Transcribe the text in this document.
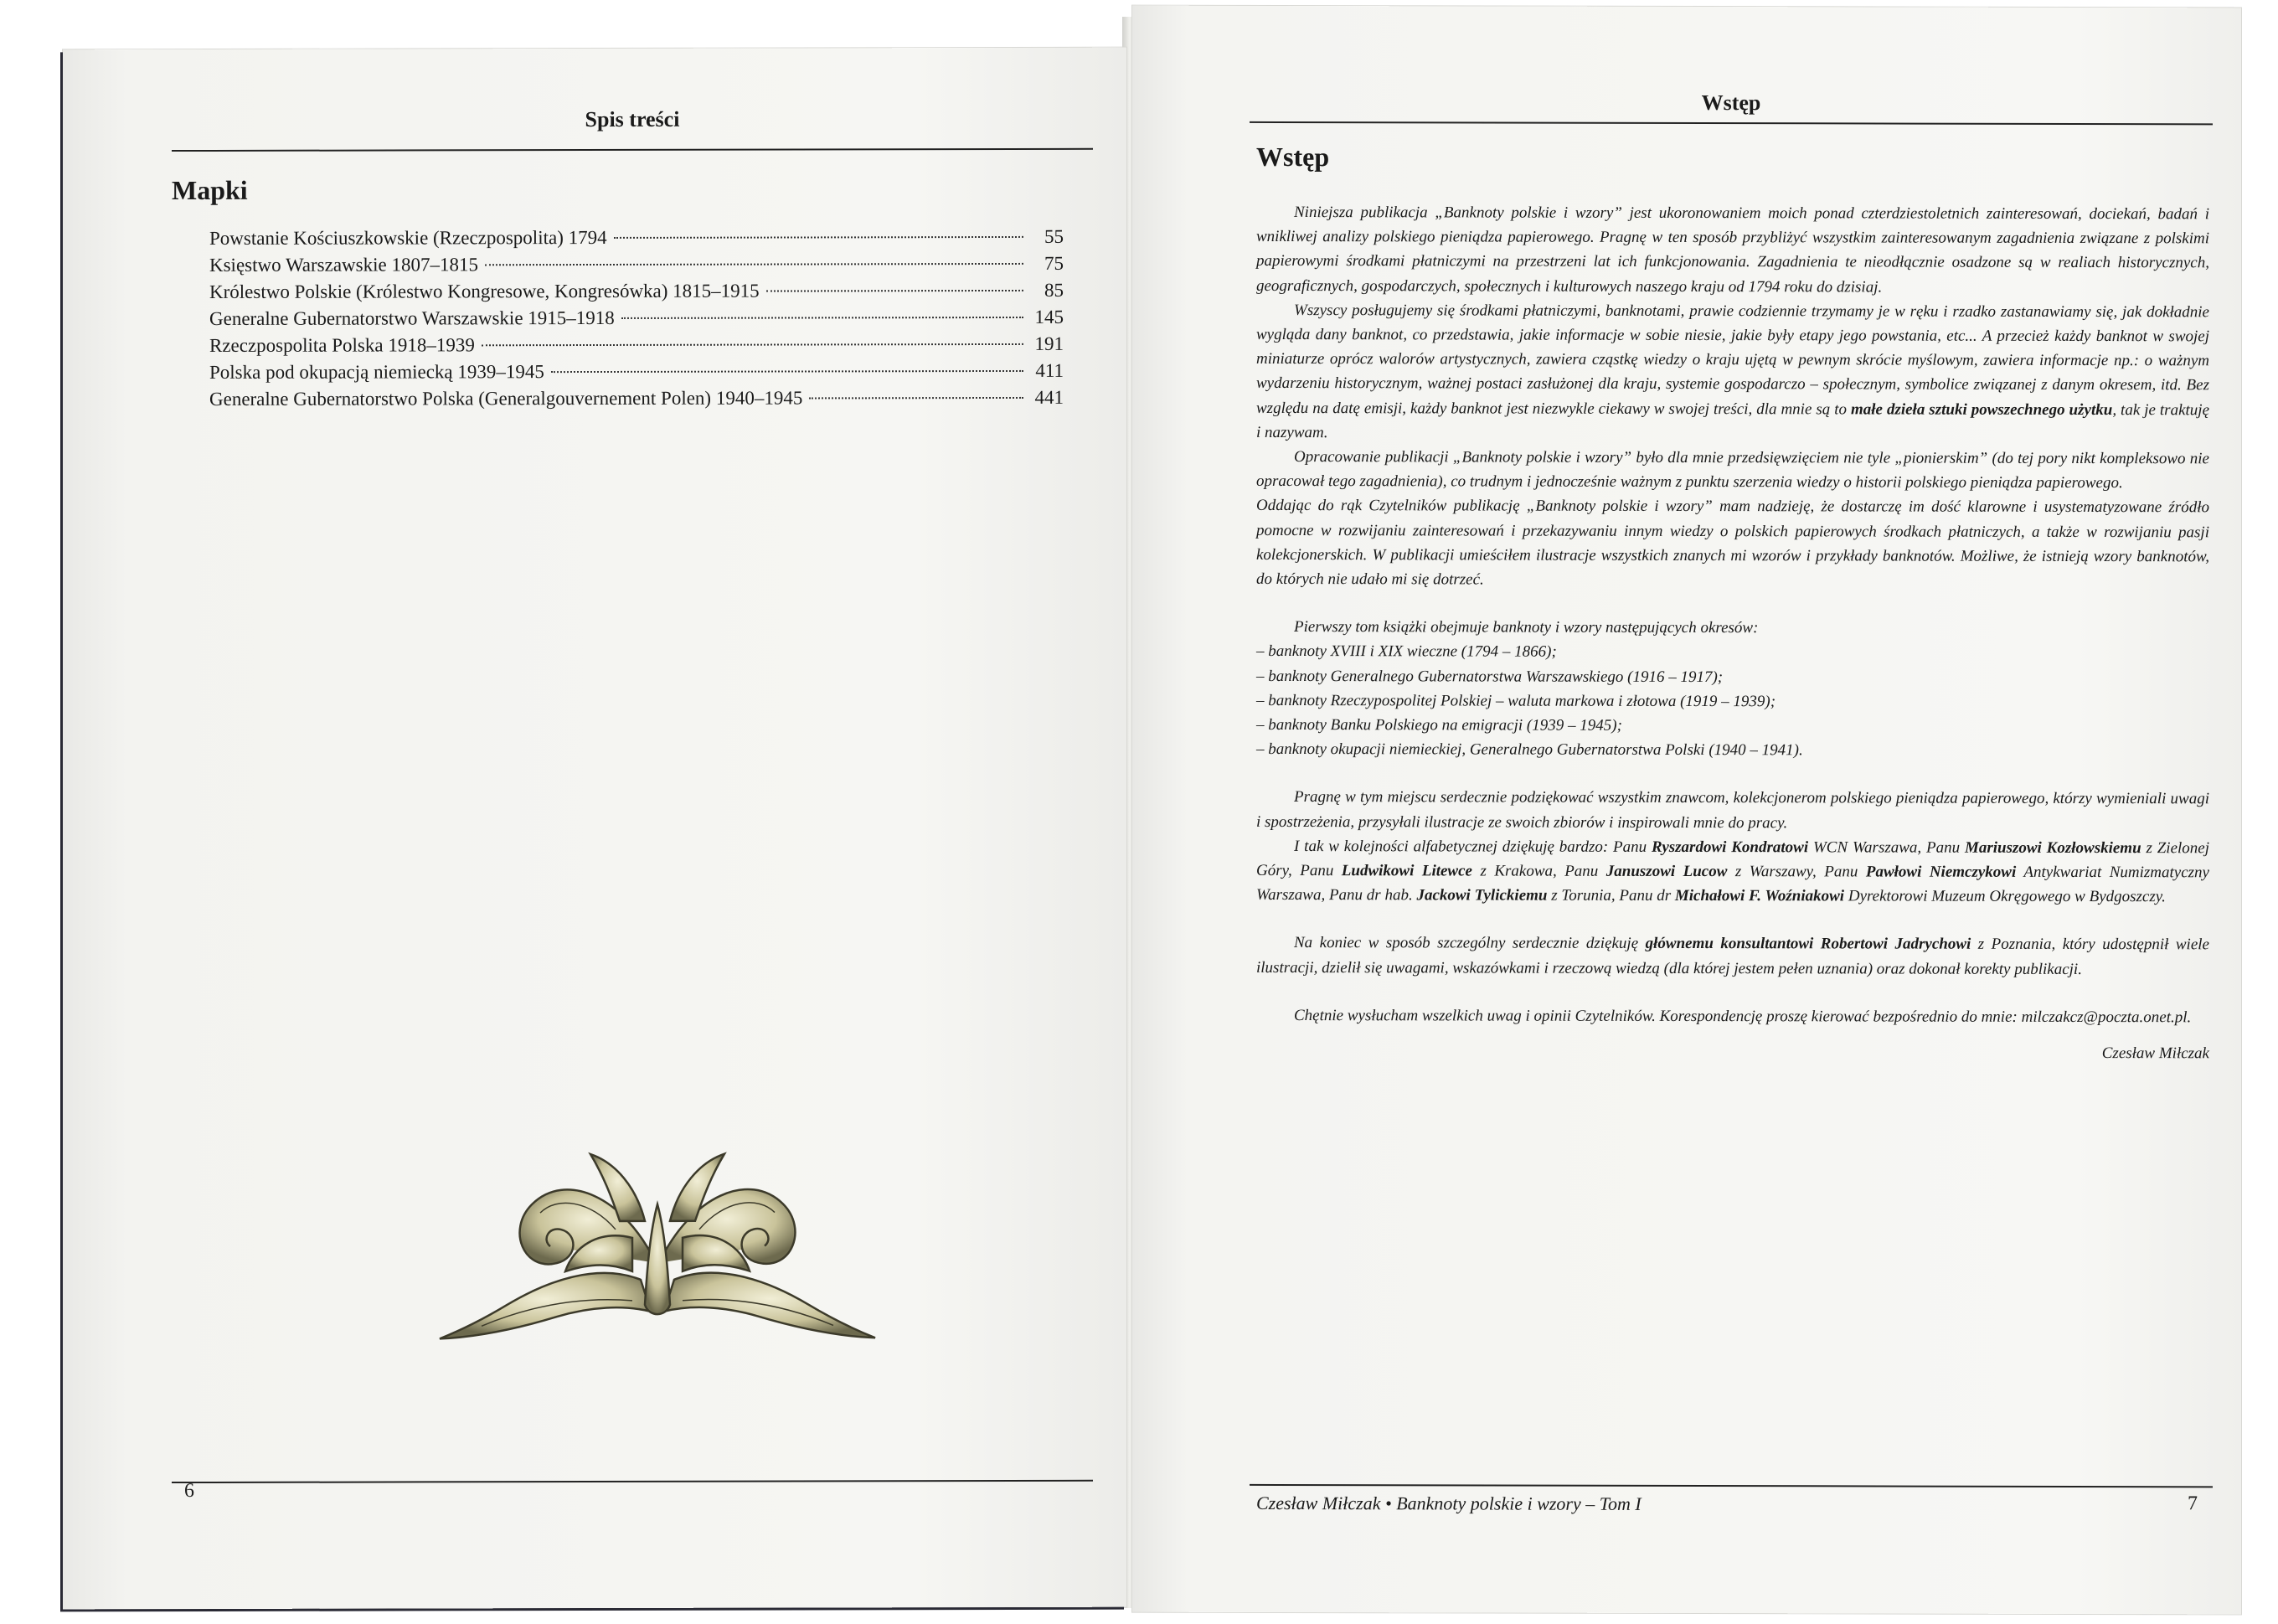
Spis treści
Mapki
Powstanie Kościuszkowskie (Rzeczpospolita) 1794	55
Księstwo Warszawskie 1807–1815	75
Królestwo Polskie (Królestwo Kongresowe, Kongresówka) 1815–1915	85
Generalne Gubernatorstwo Warszawskie 1915–1918	145
Rzeczpospolita Polska 1918–1939	191
Polska pod okupacją niemiecką 1939–1945	411
Generalne Gubernatorstwo Polska (Generalgouvernement Polen) 1940–1945	441
6
Wstęp
Wstęp

Niniejsza publikacja „Banknoty polskie i wzory” jest ukoronowaniem moich ponad czterdziestoletnich zainteresowań, dociekań, badań i wnikliwej analizy polskiego pieniądza papierowego. Pragnę w ten sposób przybliżyć wszystkim zainteresowanym zagadnienia związane z polskimi papierowymi środkami płatniczymi na przestrzeni lat ich funkcjonowania. Zagadnienia te nieodłącznie osadzone są w realiach historycznych, geograficznych, gospodarczych, społecznych i kulturowych naszego kraju od 1794 roku do dzisiaj.

Wszyscy posługujemy się środkami płatniczymi, banknotami, prawie codziennie trzymamy je w ręku i rzadko zastanawiamy się, jak dokładnie wygląda dany banknot, co przedstawia, jakie informacje w sobie niesie, jakie były etapy jego powstania, etc... A przecież każdy banknot w swojej miniaturze oprócz walorów artystycznych, zawiera cząstkę wiedzy o kraju ujętą w pewnym skrócie myślowym, zawiera informacje np.: o ważnym wydarzeniu historycznym, ważnej postaci zasłużonej dla kraju, systemie gospodarczo – społecznym, symbolice związanej z danym okresem, itd. Bez względu na datę emisji, każdy banknot jest niezwykle ciekawy w swojej treści, dla mnie są to małe dzieła sztuki powszechnego użytku, tak je traktuję i nazywam.

Opracowanie publikacji „Banknoty polskie i wzory” było dla mnie przedsięwzięciem nie tyle „pionierskim” (do tej pory nikt kompleksowo nie opracował tego zagadnienia), co trudnym i jednocześnie ważnym z punktu szerzenia wiedzy o historii polskiego pieniądza papierowego.

Oddając do rąk Czytelników publikację „Banknoty polskie i wzory” mam nadzieję, że dostarczę im dość klarowne i usystematyzowane źródło pomocne w rozwijaniu zainteresowań i przekazywaniu innym wiedzy o polskich papierowych środkach płatniczych, a także w rozwijaniu pasji kolekcjonerskich. W publikacji umieściłem ilustracje wszystkich znanych mi wzorów i przykłady banknotów. Możliwe, że istnieją wzory banknotów, do których nie udało mi się dotrzeć.

Pierwszy tom książki obejmuje banknoty i wzory następujących okresów:

– banknoty XVIII i XIX wieczne (1794 – 1866);
– banknoty Generalnego Gubernatorstwa Warszawskiego (1916 – 1917);
– banknoty Rzeczypospolitej Polskiej – waluta markowa i złotowa (1919 – 1939);
– banknoty Banku Polskiego na emigracji (1939 – 1945);
– banknoty okupacji niemieckiej, Generalnego Gubernatorstwa Polski (1940 – 1941).

Pragnę w tym miejscu serdecznie podziękować wszystkim znawcom, kolekcjonerom polskiego pieniądza papierowego, którzy wymieniali uwagi i spostrzeżenia, przysyłali ilustracje ze swoich zbiorów i inspirowali mnie do pracy.

I tak w kolejności alfabetycznej dziękuję bardzo: Panu Ryszardowi Kondratowi WCN Warszawa, Panu Mariuszowi Kozłowskiemu z Zielonej Góry, Panu Ludwikowi Litewce z Krakowa, Panu Januszowi Lucow z Warszawy, Panu Pawłowi Niemczykowi Antykwariat Numizmatyczny Warszawa, Panu dr hab. Jackowi Tylickiemu z Torunia, Panu dr Michałowi F. Woźniakowi Dyrektorowi Muzeum Okręgowego w Bydgoszczy.

Na koniec w sposób szczególny serdecznie dziękuję głównemu konsultantowi Robertowi Jadrychowi z Poznania, który udostępnił wiele ilustracji, dzielił się uwagami, wskazówkami i rzeczową wiedzą (dla której jestem pełen uznania) oraz dokonał korekty publikacji.

Chętnie wysłucham wszelkich uwag i opinii Czytelników. Korespondencję proszę kierować bezpośrednio do mnie: milczakcz@poczta.onet.pl.

Czesław Miłczak
Czesław Miłczak • Banknoty polskie i wzory – Tom I	7
